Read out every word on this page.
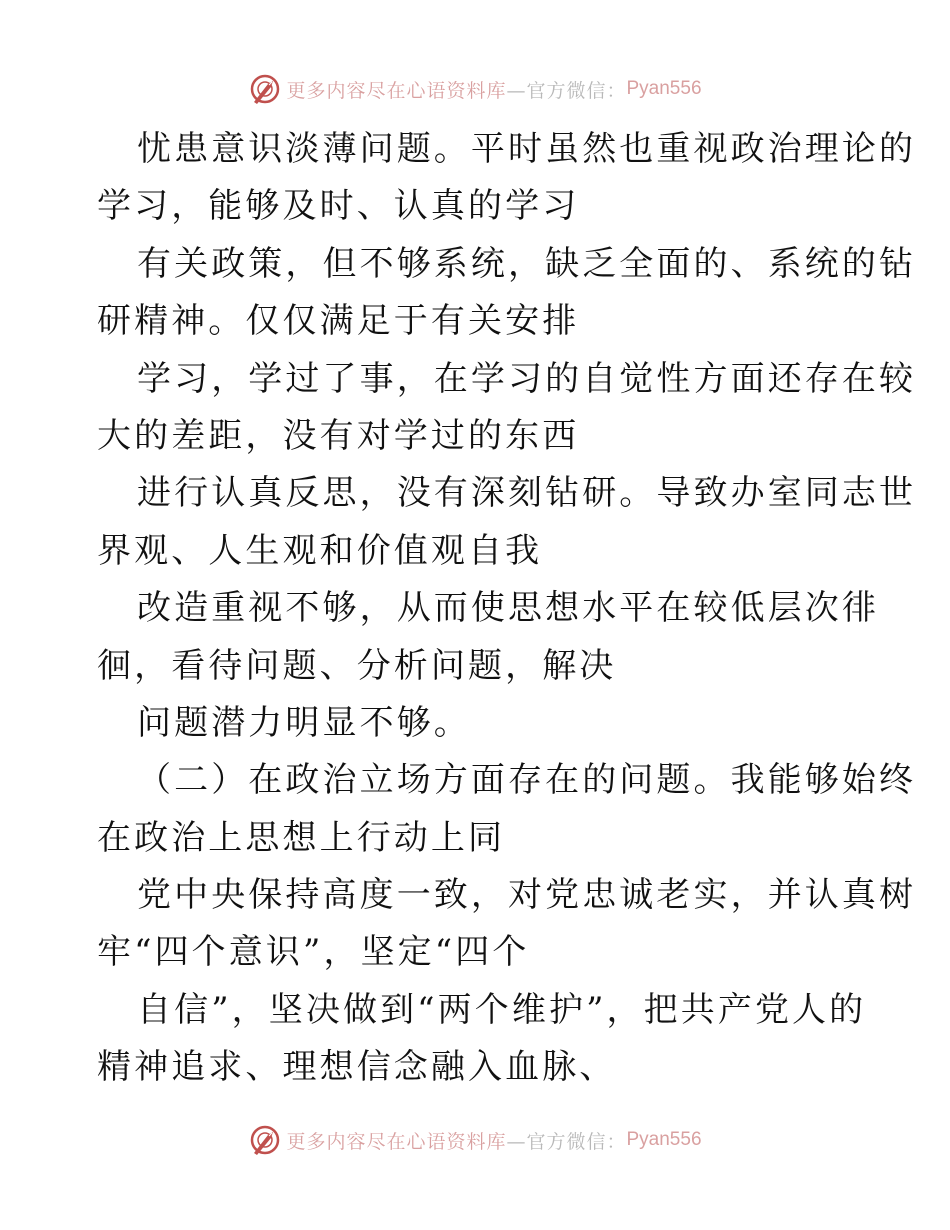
更多内容尽在心语资料库 —官方微信： Pyan556
忧患意识淡薄问题。平时虽然也重视政治理论的
学习，能够及时、认真的学习
有关政策，但不够系统，缺乏全面的、系统的钻
研精神。仅仅满足于有关安排
学习，学过了事，在学习的自觉性方面还存在较
大的差距，没有对学过的东西
进行认真反思，没有深刻钻研。导致办室同志世
界观、人生观和价值观自我
改造重视不够，从而使思想水平在较低层次徘
徊，看待问题、分析问题，解决
问题潜力明显不够。
（二）在政治立场方面存在的问题。我能够始终
在政治上思想上行动上同
党中央保持高度一致，对党忠诚老实，并认真树
牢“四个意识”，坚定“四个
自信”，坚决做到“两个维护”，把共产党人的
精神追求、理想信念融入血脉、
更多内容尽在心语资料库 —官方微信： Pyan556
